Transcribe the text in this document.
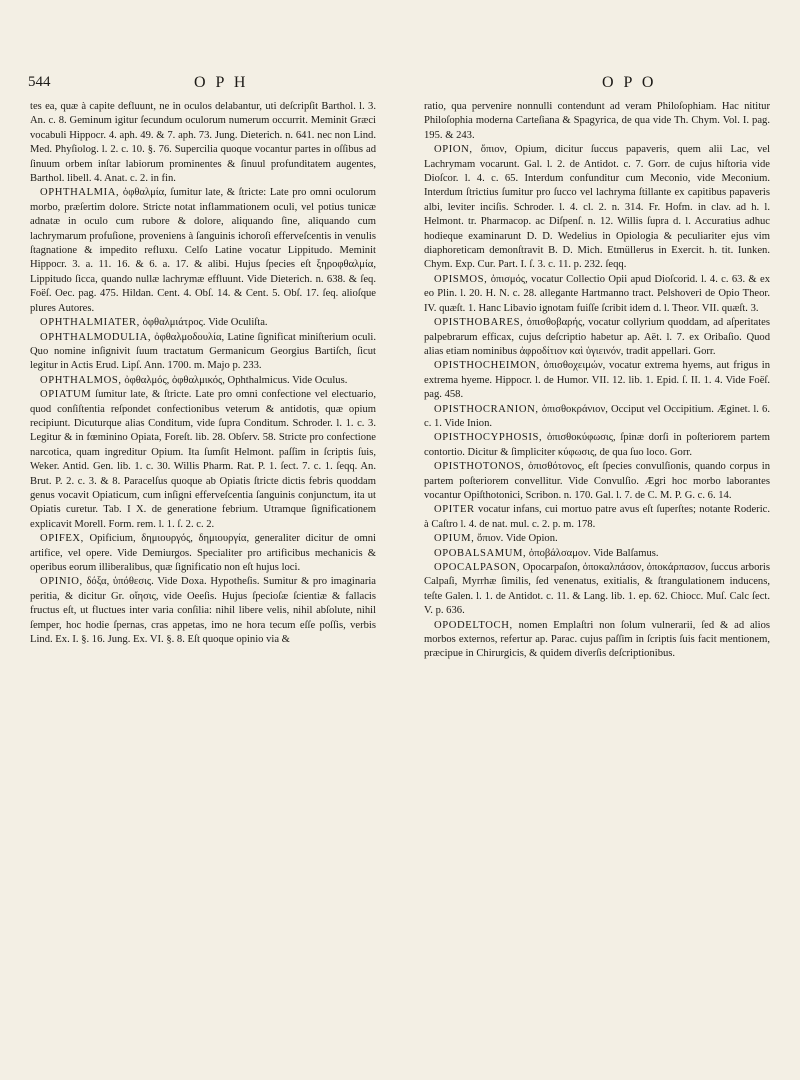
544	O P H	O P O

tes ea, quæ à capite defluunt, ne in oculos delabantur, uti deſcripſit Barthol. l. 3. An. c. 8. Geminum igitur ſecundum oculorum numerum occurrit. Meminit Græci vocabuli Hippocr. 4. aph. 49. & 7. aph. 73. Jung. Dieterich. n. 641. nec non Lind. Med. Phyſiolog. l. 2. c. 10. §. 76. Supercilia quoque vocantur partes in oſſibus ad ſinuum orbem inſtar labiorum prominentes & ſinuul profunditatem augentes, Barthol. libell. 4. Anat. c. 2. in fin.

OPHTHALMIA, ὀφθαλμία, ſumitur late, & ſtricte: Late pro omni oculorum morbo, præſertim dolore. Stricte notat inflammationem oculi, vel potius tunicæ adnatæ in oculo cum rubore & dolore, aliquando ſine, aliquando cum lachrymarum profuſione, proveniens à ſanguinis ichoroſi efferveſcentis in venulis ſtagnatione & impedito refluxu. Celſo Latine vocatur Lippitudo. Meminit Hippocr. 3. a. 11. 16. & 6. a. 17. & alibi. Hujus ſpecies eſt ξηροφθαλμία, Lippitudo ſicca, quando nullæ lachrymæ effluunt. Vide Dieterich. n. 638. & ſeq. Foëſ. Oec. pag. 475. Hildan. Cent. 4. Obſ. 14. & Cent. 5. Obſ. 17. ſeq. alioſque plures Autores.

OPHTHALMIATER, ὀφθαλμιάτρος. Vide Oculiſta.

OPHTHALMODULIA, ὀφθαλμοδουλία, Latine ſignificat miniſterium oculi. Quo nomine inſignivit ſuum tractatum Germanicum Georgius Bartiſch, ſicut legitur in Actis Erud. Lipſ. Ann. 1700. m. Majo p. 233.

OPHTHALMOS, ὀφθαλμός, ὀφθαλμικός, Ophthalmicus. Vide Oculus.

OPIATUM ſumitur late, & ſtricte. Late pro omni confectione vel electuario, quod conſiſtentia reſpondet confectionibus veterum & antidotis, quæ opium recipiunt. Dicuturque alias Conditum, vide ſupra Conditum. Schroder. l. 1. c. 3. Legitur & in fœminino Opiata, Foreſt. lib. 28. Obſerv. 58. Stricte pro confectione narcotica, quam ingreditur Opium. Ita ſumſit Helmont. paſſim in ſcriptis ſuis, Weker. Antid. Gen. lib. 1. c. 30. Willis Pharm. Rat. P. 1. ſect. 7. c. 1. ſeqq. An. Brut. P. 2. c. 3. & 8. Paracelſus quoque ab Opiatis ſtricte dictis febris quoddam genus vocavit Opiaticum, cum inſigni efferveſcentia ſanguinis conjunctum, ita ut Opiatis curetur. Tab. I X. de generatione febrium. Utramque ſignificationem explicavit Morell. Form. rem. l. 1. ſ. 2. c. 2.

OPIFEX, Opificium, δημιουργός, δημιουργία, generaliter dicitur de omni artifice, vel opere. Vide Demiurgos. Specialiter pro artificibus mechanicis & operibus eorum illiberalibus, quæ ſignificatio non eſt hujus loci.

OPINIO, δόξα, ὑπόθεσις. Vide Doxa. Hypotheſis. Sumitur & pro imaginaria peritia, & dicitur Gr. οἴησις, vide Oeeſis. Hujus ſpecioſæ ſcientiæ & fallacis fructus eſt, ut fluctues inter varia conſilia: nihil libere velis, nihil abſolute, nihil ſemper, hoc hodie ſpernas, cras appetas, imo ne hora tecum eſſe poſſis, verbis Lind. Ex. I. §. 16. Jung. Ex. VI. §. 8. Eſt quoque opinio via &

ratio, qua pervenire nonnulli contendunt ad veram Philoſophiam. Hac nititur Philoſophia moderna Carteſiana & Spagyrica, de qua vide Th. Chym. Vol. I. pag. 195. & 243.

OPION, ὄπιον, Opium, dicitur ſuccus papaveris, quem alii Lac, vel Lachrymam vocarunt. Gal. l. 2. de Antidot. c. 7. Gorr. de cujus hiſtoria vide Dioſcor. l. 4. c. 65. Interdum confunditur cum Meconio, vide Meconium. Interdum ſtrictius ſumitur pro ſucco vel lachryma ſtillante ex capitibus papaveris albi, leviter inciſis. Schroder. l. 4. cl. 2. n. 314. Fr. Hofm. in clav. ad h. l. Helmont. tr. Pharmacop. ac Diſpenſ. n. 12. Willis ſupra d. l. Accuratius adhuc hodieque examinarunt D. D. Wedelius in Opiologia & peculiariter ejus vim diaphoreticam demonſtravit B. D. Mich. Etmüllerus in Exercit. h. tit. Iunken. Chym. Exp. Cur. Part. I. ſ. 3. c. 11. p. 232. ſeqq.

OPISMOS, ὀπισμός, vocatur Collectio Opii apud Dioſcorid. l. 4. c. 63. & ex eo Plin. l. 20. H. N. c. 28. allegante Hartmanno tract. Pelshoveri de Opio Theor. IV. quæſt. 1. Hanc Libavio ignotam fuiſſe ſcribit idem d. l. Theor. VII. quæſt. 3.

OPISTHOBARES, ὀπισθοβαρής, vocatur collyrium quoddam, ad aſperitates palpebrarum efficax, cujus deſcriptio habetur ap. Aët. l. 7. ex Oribaſio. Quod alias etiam nominibus ἀφροδίτιον καὶ ὑγιεινόν, tradit appellari. Gorr.

OPISTHOCHEIMON, ὀπισθοχειμών, vocatur extrema hyems, aut frigus in extrema hyeme. Hippocr. l. de Humor. VII. 12. lib. 1. Epid. ſ. II. 1. 4. Vide Foëſ. pag. 458.

OPISTHOCRANION, ὀπισθοκράνιον, Occiput vel Occipitium. Æginet. l. 6. c. 1. Vide Inion.

OPISTHOCYPHOSIS, ὀπισθοκύφωσις, ſpinæ dorſi in poſteriorem partem contortio. Dicitur & ſimpliciter κύφωσις, de qua ſuo loco. Gorr.

OPISTHOTONOS, ὀπισθότονος, eſt ſpecies convulſionis, quando corpus in partem poſteriorem convellitur. Vide Convulſio. Ægri hoc morbo laborantes vocantur Opiſthotonici, Scribon. n. 170. Gal. l. 7. de C. M. P. G. c. 6. 14.

OPITER vocatur infans, cui mortuo patre avus eſt ſuperſtes; notante Roderic. à Caſtro l. 4. de nat. mul. c. 2. p. m. 178.

OPIUM, ὄπιον. Vide Opion.

OPOBALSAMUM, ὀποβάλσαμον. Vide Balſamus.

OPOCALPASON, Opocarpaſon, ὀποκαλπάσον, ὀποκάρπασον, ſuccus arboris Calpaſi, Myrrhæ ſimilis, ſed venenatus, exitialis, & ſtrangulationem inducens, teſte Galen. l. 1. de Antidot. c. 11. & Lang. lib. 1. ep. 62. Chiocc. Muſ. Calc ſect. V. p. 636.

OPODELTOCH, nomen Emplaſtri non ſolum vulnerarii, ſed & ad alios morbos externos, refertur ap. Parac. cujus paſſim in ſcriptis ſuis facit mentionem, præcipue in Chirurgicis, & quidem diverſis deſcriptionibus.
